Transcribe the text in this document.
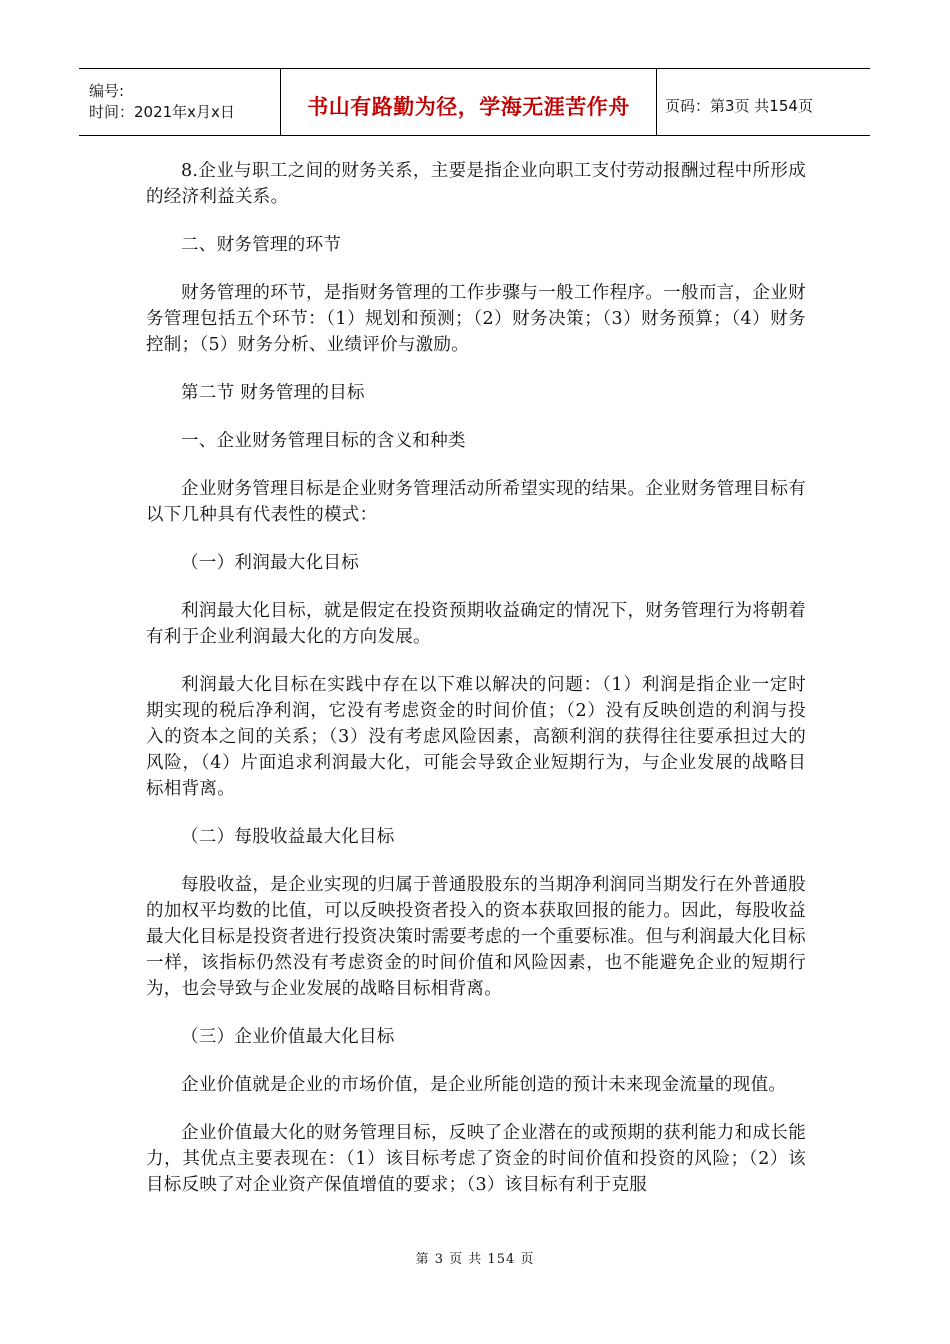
编号:
时间：2021年x月x日	书山有路勤为径，学海无涯苦作舟 页码：第3页 共154页

8.企业与职工之间的财务关系，主要是指企业向职工支付劳动报酬过程中所形成的经济利益关系。

二、财务管理的环节

财务管理的环节，是指财务管理的工作步骤与一般工作程序。一般而言，企业财务管理包括五个环节：（1）规划和预测；（2）财务决策；（3）财务预算；（4）财务控制；（5）财务分析、业绩评价与激励。

第二节 财务管理的目标

一、企业财务管理目标的含义和种类

企业财务管理目标是企业财务管理活动所希望实现的结果。企业财务管理目标有以下几种具有代表性的模式：

（一）利润最大化目标

利润最大化目标，就是假定在投资预期收益确定的情况下，财务管理行为将朝着有利于企业利润最大化的方向发展。

利润最大化目标在实践中存在以下难以解决的问题：（1）利润是指企业一定时期实现的税后净利润，它没有考虑资金的时间价值；（2）没有反映创造的利润与投入的资本之间的关系；（3）没有考虑风险因素，高额利润的获得往往要承担过大的风险，（4）片面追求利润最大化，可能会导致企业短期行为，与企业发展的战略目标相背离。

（二）每股收益最大化目标

每股收益，是企业实现的归属于普通股股东的当期净利润同当期发行在外普通股的加权平均数的比值，可以反映投资者投入的资本获取回报的能力。因此，每股收益最大化目标是投资者进行投资决策时需要考虑的一个重要标准。但与利润最大化目标一样，该指标仍然没有考虑资金的时间价值和风险因素，也不能避免企业的短期行为，也会导致与企业发展的战略目标相背离。

（三）企业价值最大化目标

企业价值就是企业的市场价值，是企业所能创造的预计未来现金流量的现值。

企业价值最大化的财务管理目标，反映了企业潜在的或预期的获利能力和成长能力，其优点主要表现在：（1）该目标考虑了资金的时间价值和投资的风险；（2）该目标反映了对企业资产保值增值的要求；（3）该目标有利于克服

第 3 页 共 154 页
